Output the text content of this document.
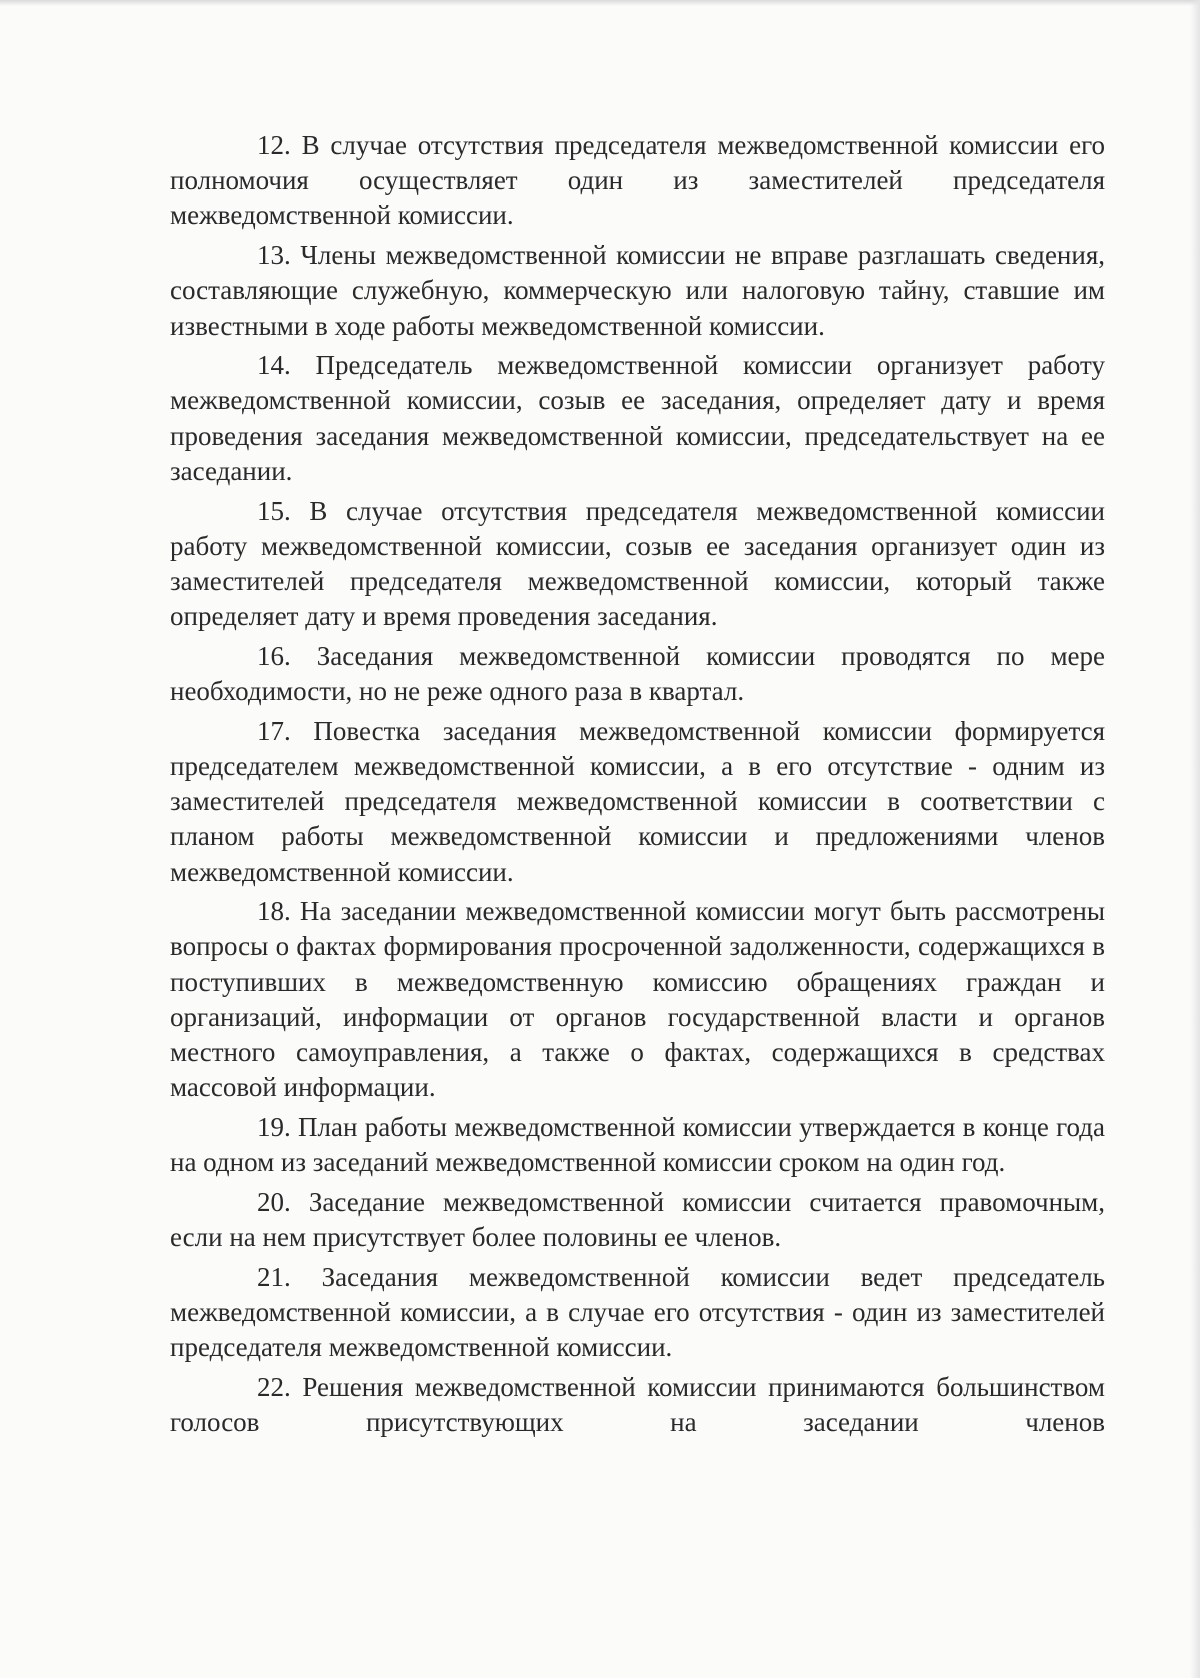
12. В случае отсутствия председателя межведомственной комиссии его полномочия осуществляет один из заместителей председателя межведомственной комиссии.

13. Члены межведомственной комиссии не вправе разглашать сведения, составляющие служебную, коммерческую или налоговую тайну, ставшие им известными в ходе работы межведомственной комиссии.

14. Председатель межведомственной комиссии организует работу межведомственной комиссии, созыв ее заседания, определяет дату и время проведения заседания межведомственной комиссии, председательствует на ее заседании.

15. В случае отсутствия председателя межведомственной комиссии работу межведомственной комиссии, созыв ее заседания организует один из заместителей председателя межведомственной комиссии, который также определяет дату и время проведения заседания.

16. Заседания межведомственной комиссии проводятся по мере необходимости, но не реже одного раза в квартал.

17. Повестка заседания межведомственной комиссии формируется председателем межведомственной комиссии, а в его отсутствие - одним из заместителей председателя межведомственной комиссии в соответствии с планом работы межведомственной комиссии и предложениями членов межведомственной комиссии.

18. На заседании межведомственной комиссии могут быть рассмотрены вопросы о фактах формирования просроченной задолженности, содержащихся в поступивших в межведомственную комиссию обращениях граждан и организаций, информации от органов государственной власти и органов местного самоуправления, а также о фактах, содержащихся в средствах массовой информации.

19. План работы межведомственной комиссии утверждается в конце года на одном из заседаний межведомственной комиссии сроком на один год.

20. Заседание межведомственной комиссии считается правомочным, если на нем присутствует более половины ее членов.

21. Заседания межведомственной комиссии ведет председатель межведомственной комиссии, а в случае его отсутствия - один из заместителей председателя межведомственной комиссии.

22. Решения межведомственной комиссии принимаются большинством голосов присутствующих на заседании членов
